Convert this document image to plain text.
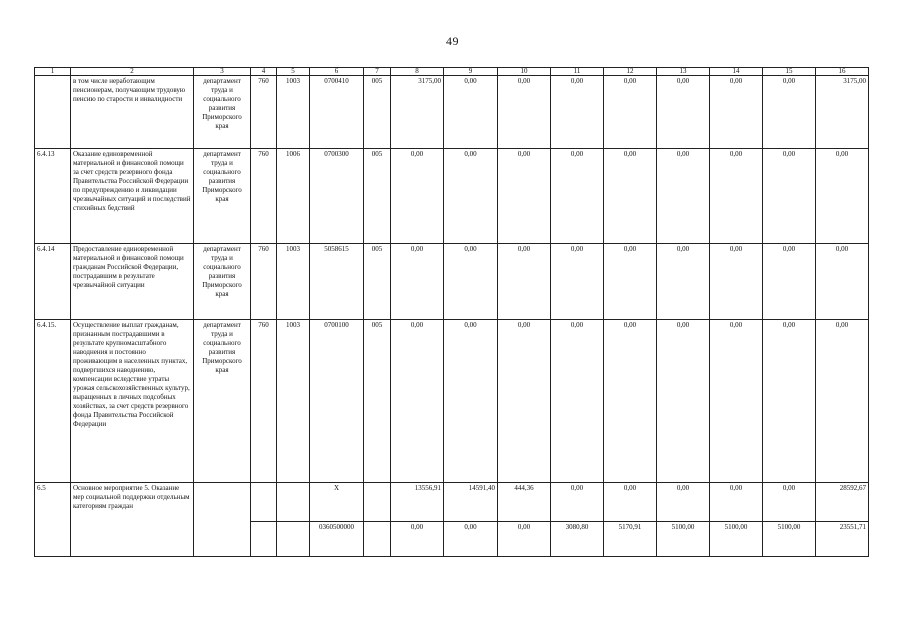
49
1	2	3	4	5	6	7	8	9	10	11	12	13	14	15	16
	в том числе неработающим пенсионерам, получающим трудовую пенсию по старости и инвалидности	департамент труда и социального развития Приморского края	760	1003	0700410	005	3175,00	0,00	0,00	0,00	0,00	0,00	0,00	0,00	3175,00
6.4.13	Оказание единовременной материальной и финансовой помощи за счет средств резервного фонда Правительства Российской Федерации по предупреждению и ликвидации чрезвычайных ситуаций и последствий стихийных бедствий	департамент труда и социального развития Приморского края	760	1006	0700300	005	0,00	0,00	0,00	0,00	0,00	0,00	0,00	0,00	0,00
6.4.14	Предоставление единовременной материальной и финансовой помощи гражданам Российской Федерации, пострадавшим в результате чрезвычайной ситуации	департамент труда и социального развития Приморского края	760	1003	5058615	005	0,00	0,00	0,00	0,00	0,00	0,00	0,00	0,00	0,00
6.4.15.	Осуществление выплат гражданам, признанным пострадавшими в результате крупномасштабного наводнения и постоянно проживающим в населенных пунктах, подвергшихся наводнению, компенсации вследствие утраты урожая сельскохозяйственных культур, выращенных в личных подсобных хозяйствах, за счет средств резервного фонда Правительства Российской Федерации	департамент труда и социального развития Приморского края	760	1003	0700100	005	0,00	0,00	0,00	0,00	0,00	0,00	0,00	0,00	0,00
6.5	Основное мероприятие 5. Оказание мер социальной поддержки отдельным категориям граждан				X		13556,91	14591,40	444,36	0,00	0,00	0,00	0,00	0,00	28592,67
					0360500000		0,00	0,00	0,00	3080,80	5170,91	5100,00	5100,00	5100,00	23551,71
